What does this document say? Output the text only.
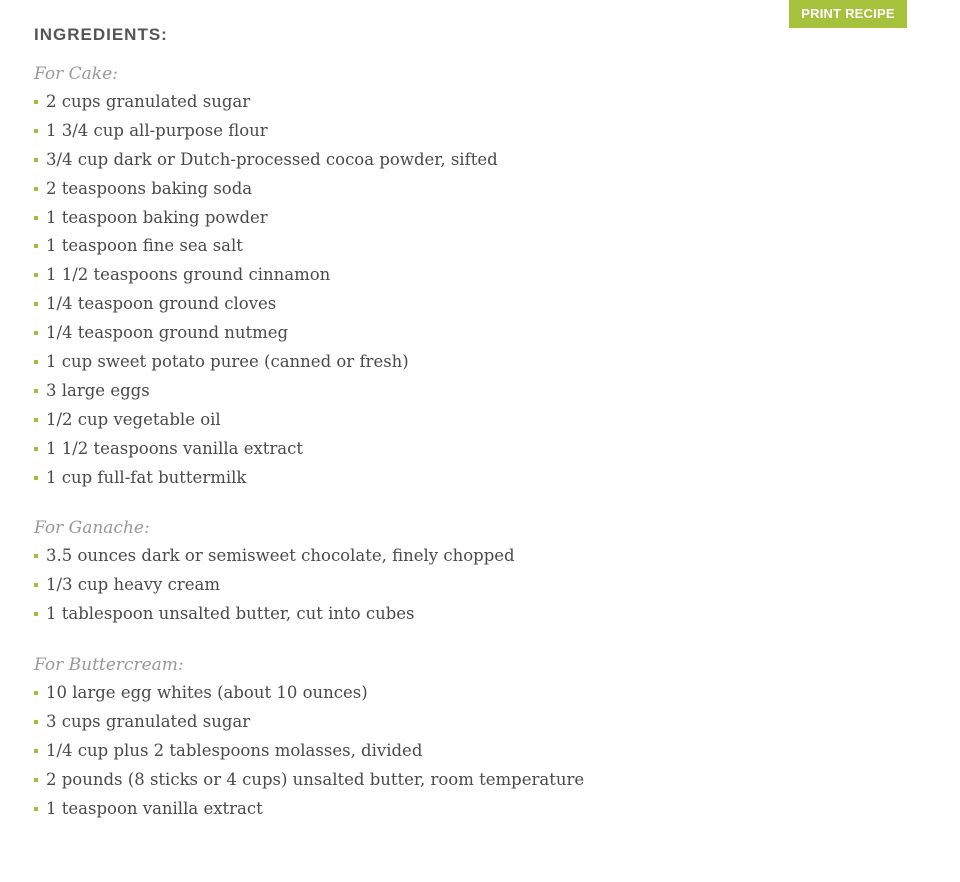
PRINT RECIPE
INGREDIENTS:

For Cake:

2 cups granulated sugar
1 3/4 cup all-purpose flour
3/4 cup dark or Dutch-processed cocoa powder, sifted
2 teaspoons baking soda
1 teaspoon baking powder
1 teaspoon fine sea salt
1 1/2 teaspoons ground cinnamon
1/4 teaspoon ground cloves
1/4 teaspoon ground nutmeg
1 cup sweet potato puree (canned or fresh)
3 large eggs
1/2 cup vegetable oil
1 1/2 teaspoons vanilla extract
1 cup full-fat buttermilk

For Ganache:

3.5 ounces dark or semisweet chocolate, finely chopped
1/3 cup heavy cream
1 tablespoon unsalted butter, cut into cubes

For Buttercream:

10 large egg whites (about 10 ounces)
3 cups granulated sugar
1/4 cup plus 2 tablespoons molasses, divided
2 pounds (8 sticks or 4 cups) unsalted butter, room temperature
1 teaspoon vanilla extract
